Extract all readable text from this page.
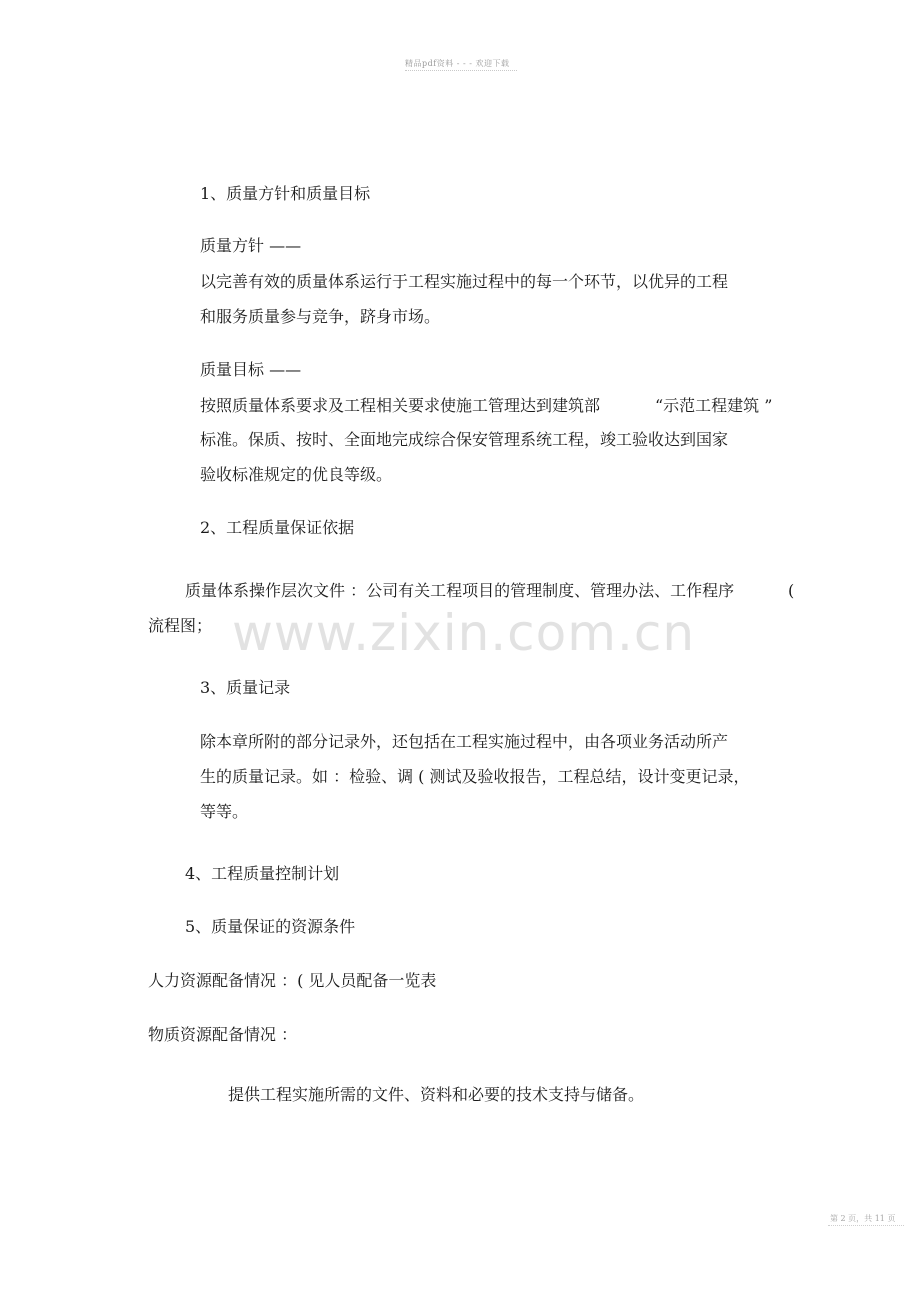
精品pdf资料 - - - 欢迎下载
www.zixin.com.cn
1、质量方针和质量目标
质量方针 ——
以完善有效的质量体系运行于工程实施过程中的每一个环节，以优异的工程
和服务质量参与竞争，跻身市场。
质量目标 ——
按照质量体系要求及工程相关要求使施工管理达到建筑部	“示范工程建筑 ”
标准。保质、按时、全面地完成综合保安管理系统工程，竣工验收达到国家
验收标准规定的优良等级。
2、工程质量保证依据
质量体系操作层次文件 ：公司有关工程项目的管理制度、管理办法、工作程序	(
流程图；
3、质量记录
除本章所附的部分记录外，还包括在工程实施过程中，由各项业务活动所产
生的质量记录。如 ：检验、调 ( 测试及验收报告，工程总结，设计变更记录，
等等。
4、工程质量控制计划
5、质量保证的资源条件
人力资源配备情况 ：( 见人员配备一览表
物质资源配备情况 ：
提供工程实施所需的文件、资料和必要的技术支持与储备。
第 2 页，共 11 页
